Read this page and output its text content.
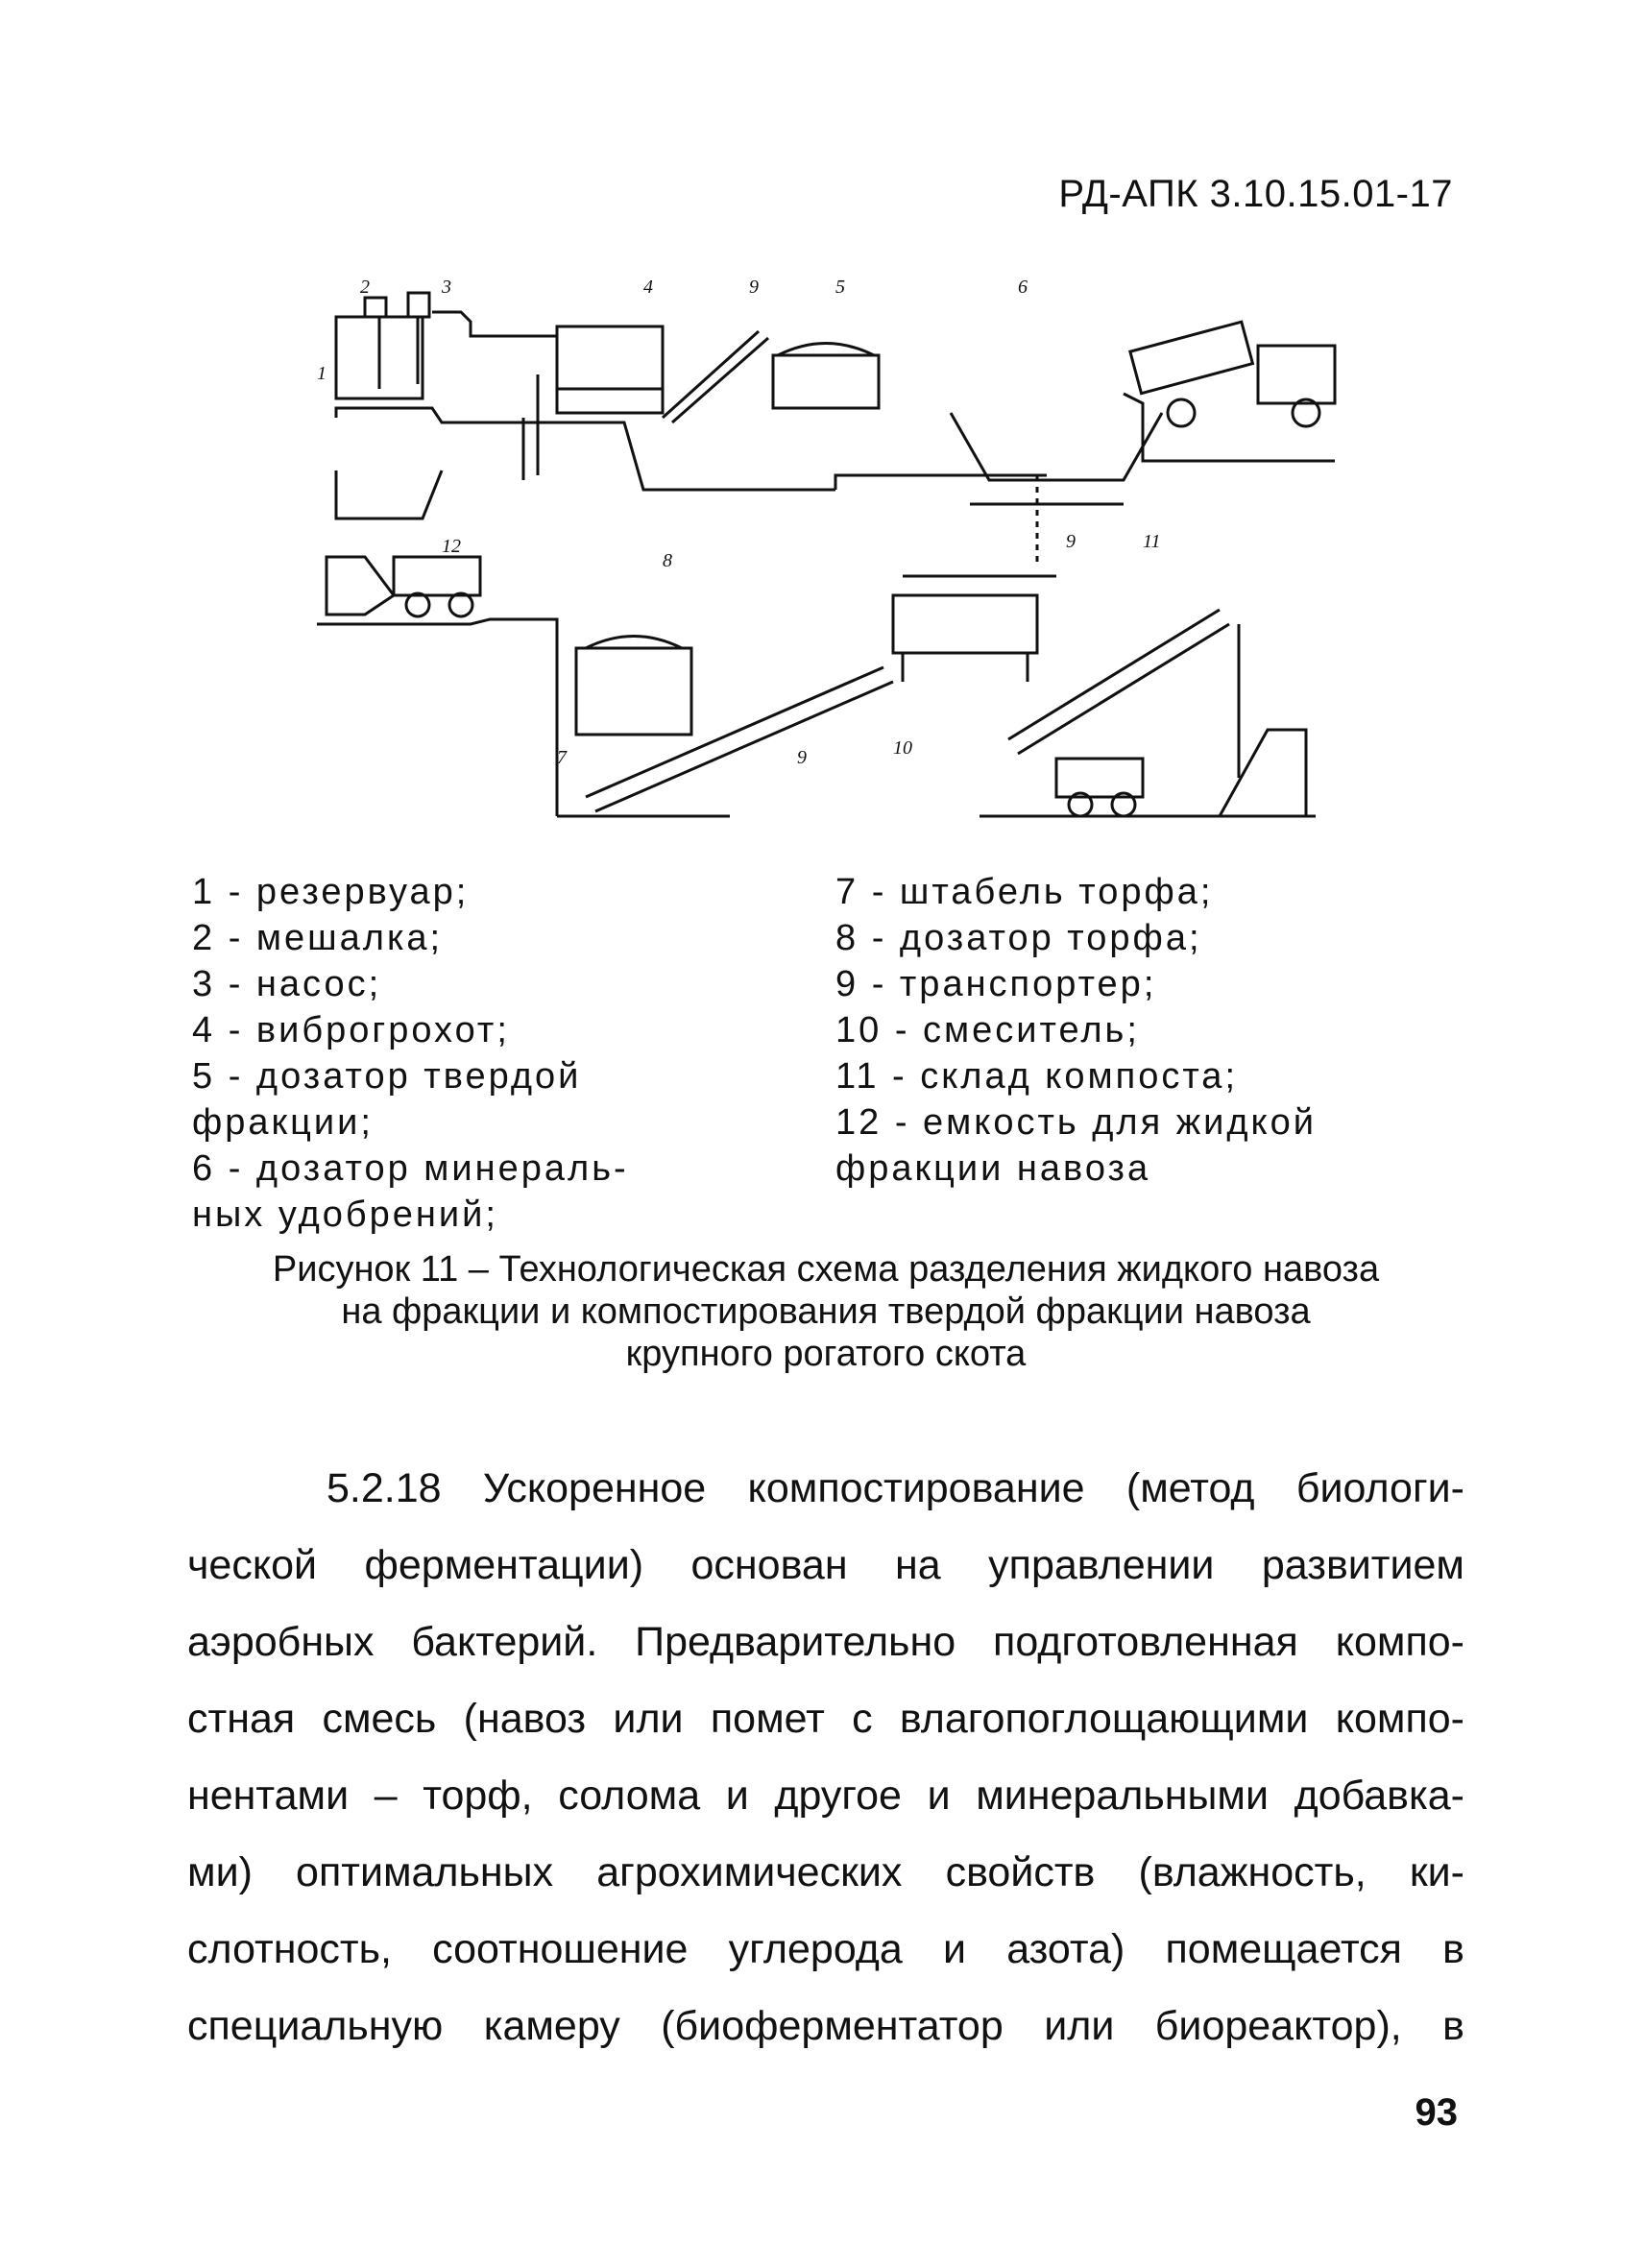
РД-АПК 3.10.15.01-17
1
2	3	4	9	5	6
12
8
9
9	11
7	10
1 - резервуар;
2 - мешалка;
3 - насос;
4 - виброгрохот;
5 - дозатор твердой
фракции;
6 - дозатор минераль-
ных удобрений;
7 - штабель торфа;
8 - дозатор торфа;
9 - транспортер;
10 - смеситель;
11 - склад компоста;
12 - емкость для жидкой
фракции навоза
Рисунок 11 – Технологическая схема разделения жидкого навоза
на фракции и компостирования твердой фракции навоза
крупного рогатого скота
5.2.18 Ускоренное компостирование (метод биологи-
ческой ферментации) основан на управлении развитием
аэробных бактерий. Предварительно подготовленная компо-
стная смесь (навоз или помет с влагопоглощающими компо-
нентами – торф, солома и другое и минеральными добавка-
ми) оптимальных агрохимических свойств (влажность, ки-
слотность, соотношение углерода и азота) помещается в
специальную камеру (биоферментатор или биореактор), в
93
